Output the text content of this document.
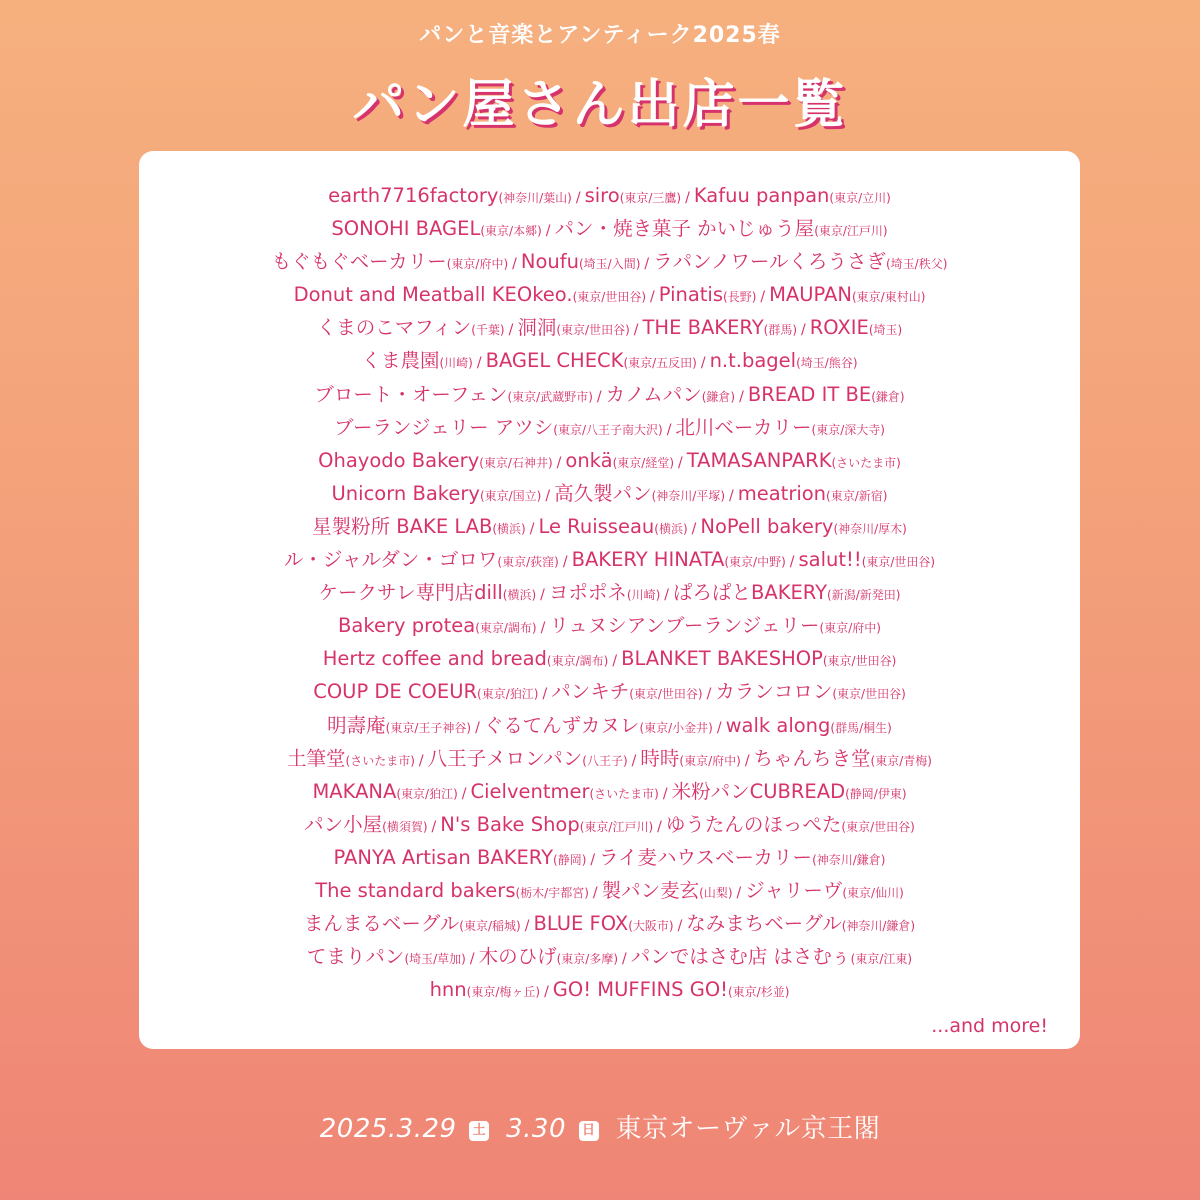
パンと音楽とアンティーク2025春
パン屋さん出店一覧
earth7716factory(神奈川/葉山) / siro(東京/三鷹) / Kafuu panpan(東京/立川)
SONOHI BAGEL(東京/本郷) / パン・焼き菓子 かいじゅう屋(東京/江戸川)
もぐもぐベーカリー(東京/府中) / Noufu(埼玉/入間) / ラパンノワールくろうさぎ(埼玉/秩父)
Donut and Meatball KEOkeo.(東京/世田谷) / Pinatis(長野) / MAUPAN(東京/東村山)
くまのこマフィン(千葉) / 洞洞(東京/世田谷) / THE BAKERY(群馬) / ROXIE(埼玉)
くま農園(川崎) / BAGEL CHECK(東京/五反田) / n.t.bagel(埼玉/熊谷)
ブロート・オーフェン(東京/武蔵野市) / カノムパン(鎌倉) / BREAD IT BE(鎌倉)
ブーランジェリー アツシ(東京/八王子南大沢) / 北川ベーカリー(東京/深大寺)
Ohayodo Bakery(東京/石神井) / onkä(東京/経堂) / TAMASANPARK(さいたま市)
Unicorn Bakery(東京/国立) / 高久製パン(神奈川/平塚) / meatrion(東京/新宿)
星製粉所 BAKE LAB(横浜) / Le Ruisseau(横浜) / NoPell bakery(神奈川/厚木)
ル・ジャルダン・ゴロワ(東京/荻窪) / BAKERY HINATA(東京/中野) / salut!!(東京/世田谷)
ケークサレ専門店dill(横浜) / ヨポポネ(川崎) / ぱろぱとBAKERY(新潟/新発田)
Bakery protea(東京/調布) / リュヌシアンブーランジェリー(東京/府中)
Hertz coffee and bread(東京/調布) / BLANKET BAKESHOP(東京/世田谷)
COUP DE COEUR(東京/狛江) / パンキチ(東京/世田谷) / カランコロン(東京/世田谷)
明壽庵(東京/王子神谷) / ぐるてんずカヌレ(東京/小金井) / walk along(群馬/桐生)
土筆堂(さいたま市) / 八王子メロンパン(八王子) / 時時(東京/府中) / ちゃんちき堂(東京/青梅)
MAKANA(東京/狛江) / Cielventmer(さいたま市) / 米粉パンCUBREAD(静岡/伊東)
パン小屋(横須賀) / N's Bake Shop(東京/江戸川) / ゆうたんのほっぺた(東京/世田谷)
PANYA Artisan BAKERY(静岡) / ライ麦ハウスベーカリー(神奈川/鎌倉)
The standard bakers(栃木/宇都宮) / 製パン麦玄(山梨) / ジャリーヴ(東京/仙川)
まんまるベーグル(東京/稲城) / BLUE FOX(大阪市) / なみまちベーグル(神奈川/鎌倉)
てまりパン(埼玉/草加) / 木のひげ(東京/多摩) / パンではさむ店 はさむぅ(東京/江東)
hnn(東京/梅ヶ丘) / GO! MUFFINS GO!(東京/杉並)
...and more!
2025.3.29 土 3.30 日 東京オーヴァル京王閣
